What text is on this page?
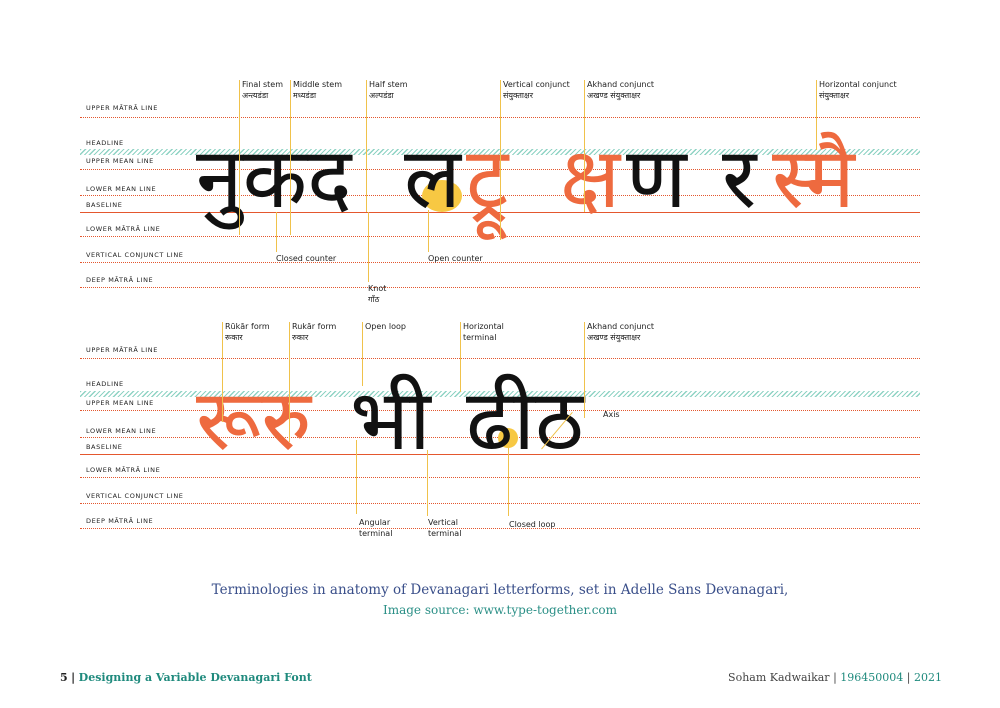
UPPER MĀTRĀ LINE
HEADLINE
UPPER MEAN LINE
LOWER MEAN LINE
BASELINE
LOWER MĀTRĀ LINE
VERTICAL CONJUNCT LINE
DEEP MĀTRĀ LINE
नुकद ल ट्रू क्ष ण र स्मै
Final stem
अन्त्यडंडा
Middle stem
मध्यडंडा
Half stem
अल्पडंडा
Vertical conjunct
संयुक्ताक्षर
Akhand conjunct
अखण्ड संयुक्ताक्षर
Horizontal conjunct
संयुक्ताक्षर
Closed counter	Open counter
Knot
गाँठ
UPPER MĀTRĀ LINE
HEADLINE
UPPER MEAN LINE
LOWER MEAN LINE
BASELINE
LOWER MĀTRĀ LINE
VERTICAL CONJUNCT LINE
DEEP MĀTRĀ LINE
रूरु भी ढीठ
Rūkār form
रूकार
Rukār form
रुकार
Open loop	Horizontal
terminal
Akhand conjunct
अखण्ड संयुक्ताक्षर
Axis
Angular
terminal
Vertical
terminal
Closed loop
Terminologies in anatomy of Devanagari letterforms, set in Adelle Sans Devanagari,
Image source: www.type-together.com
5 | Designing a Variable Devanagari Font	Soham Kadwaikar | 196450004 | 2021
